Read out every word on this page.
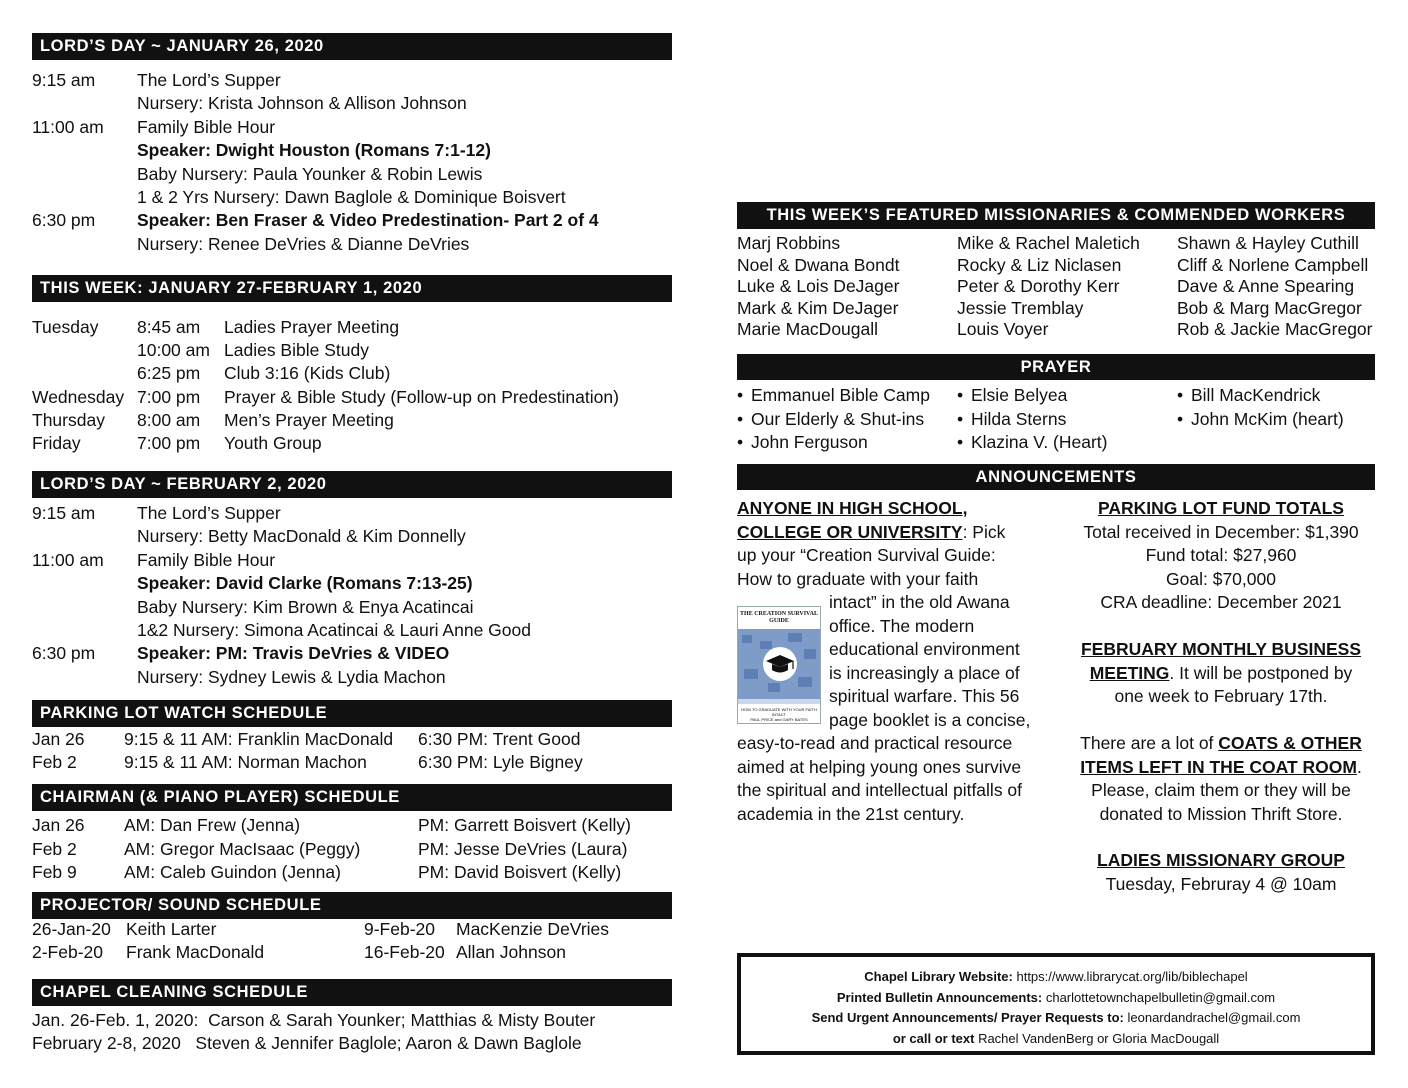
LORD’S DAY ~ JANUARY 26, 2020
9:15 am The Lord’s Supper
Nursery: Krista Johnson & Allison Johnson
11:00 am Family Bible Hour
Speaker: Dwight Houston (Romans 7:1-12)
Baby Nursery: Paula Younker & Robin Lewis
1 & 2 Yrs Nursery: Dawn Baglole & Dominique Boisvert
6:30 pm Speaker: Ben Fraser & Video Predestination- Part 2 of 4
Nursery: Renee DeVries & Dianne DeVries
THIS WEEK: JANUARY 27-FEBRUARY 1, 2020
Tuesday 8:45 am Ladies Prayer Meeting
10:00 am Ladies Bible Study
6:25 pm Club 3:16 (Kids Club)
Wednesday 7:00 pm Prayer & Bible Study (Follow-up on Predestination)
Thursday 8:00 am Men’s Prayer Meeting
Friday	7:00 pm Youth Group
LORD’S DAY ~ FEBRUARY 2, 2020
9:15 am The Lord’s Supper
Nursery: Betty MacDonald & Kim Donnelly
11:00 am Family Bible Hour
Speaker: David Clarke (Romans 7:13-25)
Baby Nursery: Kim Brown & Enya Acatincai
1&2 Nursery: Simona Acatincai & Lauri Anne Good
6:30 pm Speaker: PM: Travis DeVries & VIDEO
Nursery: Sydney Lewis & Lydia Machon
PARKING LOT WATCH SCHEDULE
Jan 26 9:15 & 11 AM: Franklin MacDonald 6:30 PM: Trent Good
Feb 2	9:15 & 11 AM: Norman Machon	6:30 PM: Lyle Bigney
CHAIRMAN (& PIANO PLAYER) SCHEDULE
Jan 26 AM: Dan Frew (Jenna)	PM: Garrett Boisvert (Kelly)
Feb 2	AM: Gregor MacIsaac (Peggy)	PM: Jesse DeVries (Laura)
Feb 9	AM: Caleb Guindon (Jenna)	PM: David Boisvert (Kelly)
PROJECTOR/ SOUND SCHEDULE
26-Jan-20 Keith Larter	9-Feb-20 MacKenzie DeVries
2-Feb-20 Frank MacDonald	16-Feb-20 Allan Johnson
CHAPEL CLEANING SCHEDULE
Jan. 26-Feb. 1, 2020:  Carson & Sarah Younker; Matthias & Misty Bouter
February 2-8, 2020   Steven & Jennifer Baglole; Aaron & Dawn Baglole
THIS WEEK’S FEATURED MISSIONARIES & COMMENDED WORKERS
Marj Robbins
Noel & Dwana Bondt
Luke & Lois DeJager
Mark & Kim DeJager
Marie MacDougall
Mike & Rachel Maletich
Rocky & Liz Niclasen
Peter & Dorothy Kerr
Jessie Tremblay
Louis Voyer
Shawn & Hayley Cuthill
Cliff & Norlene Campbell
Dave & Anne Spearing
Bob & Marg MacGregor
Rob & Jackie MacGregor
PRAYER
• Emmanuel Bible Camp
• Our Elderly & Shut-ins
• John Ferguson
• Elsie Belyea
• Hilda Sterns
• Klazina V. (Heart)
• Bill MacKendrick
• John McKim (heart)
ANNOUNCEMENTS
ANYONE IN HIGH SCHOOL,
COLLEGE OR UNIVERSITY: Pick
up your “Creation Survival Guide:
How to graduate with your faith
intact” in the old Awana
office. The modern
educational environment
is increasingly a place of
spiritual warfare. This 56
page booklet is a concise,
easy-to-read and practical resource
aimed at helping young ones survive
the spiritual and intellectual pitfalls of
academia in the 21st century.
THE CREATION SURVIVAL GUIDE
HOW TO GRADUATE WITH YOUR FAITH INTACT
PAUL PRICE and GARY BATES
PARKING LOT FUND TOTALS
Total received in December: $1,390
Fund total: $27,960
Goal: $70,000
CRA deadline: December 2021
FEBRUARY MONTHLY BUSINESS
MEETING. It will be postponed by
one week to February 17th.
There are a lot of COATS & OTHER
ITEMS LEFT IN THE COAT ROOM.
Please, claim them or they will be
donated to Mission Thrift Store.
LADIES MISSIONARY GROUP
Tuesday, Februray 4 @ 10am
Chapel Library Website: https://www.librarycat.org/lib/biblechapel
Printed Bulletin Announcements: charlottetownchapelbulletin@gmail.com
Send Urgent Announcements/ Prayer Requests to: leonardandrachel@gmail.com
or call or text Rachel VandenBerg or Gloria MacDougall
